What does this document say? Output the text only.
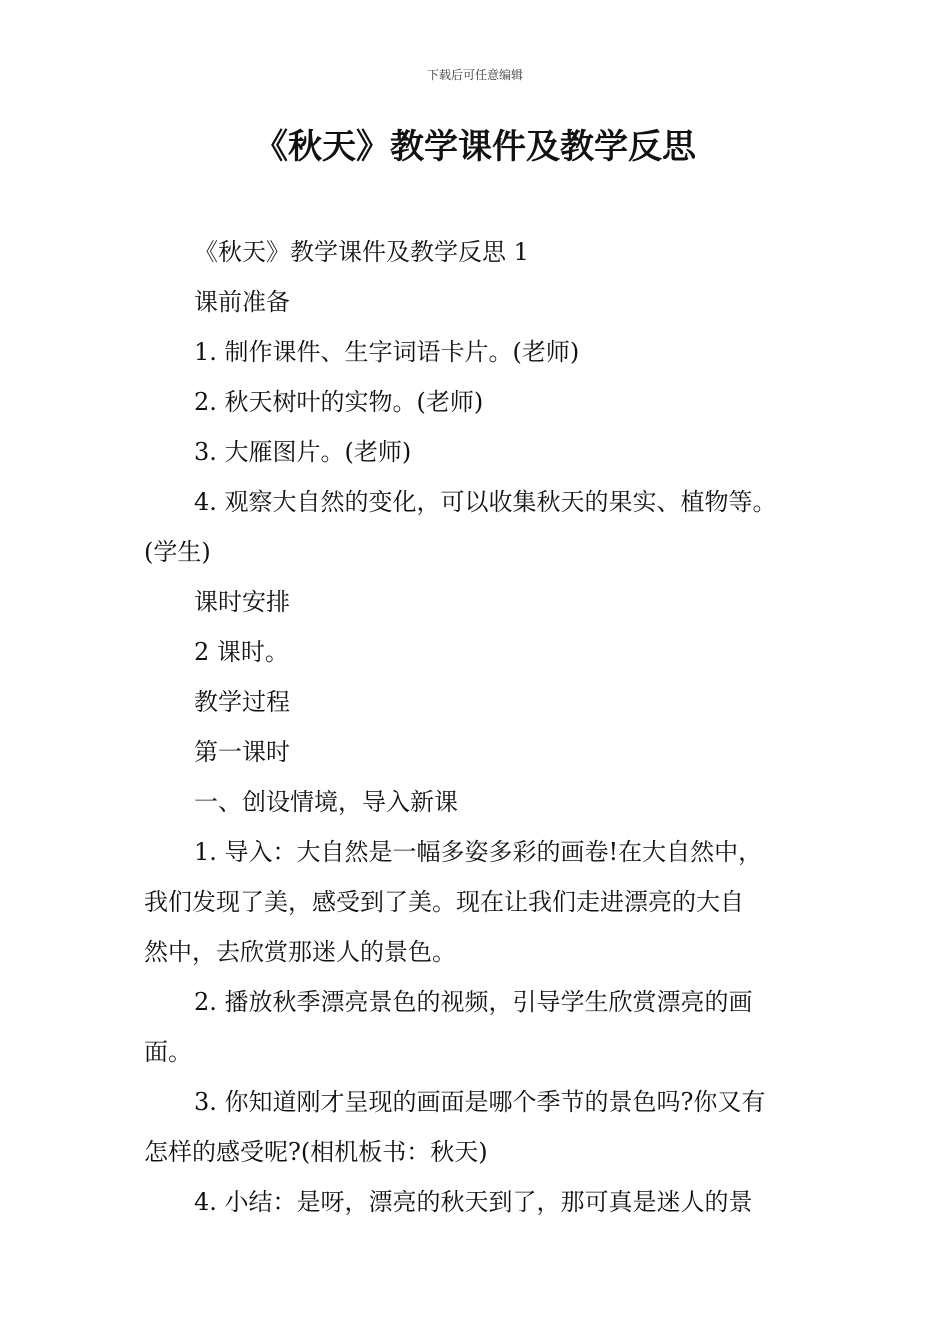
下载后可任意编辑
《秋天》教学课件及教学反思
《秋天》教学课件及教学反思 1
课前准备
1. 制作课件、生字词语卡片。(老师)
2. 秋天树叶的实物。(老师)
3. 大雁图片。(老师)
4. 观察大自然的变化，可以收集秋天的果实、植物等。
(学生)
课时安排
2 课时。
教学过程
第一课时
一、创设情境，导入新课
1. 导入：大自然是一幅多姿多彩的画卷!在大自然中，
我们发现了美，感受到了美。现在让我们走进漂亮的大自
然中，去欣赏那迷人的景色。
2. 播放秋季漂亮景色的视频，引导学生欣赏漂亮的画
面。
3. 你知道刚才呈现的画面是哪个季节的景色吗?你又有
怎样的感受呢?(相机板书：秋天)
4. 小结：是呀，漂亮的秋天到了，那可真是迷人的景
